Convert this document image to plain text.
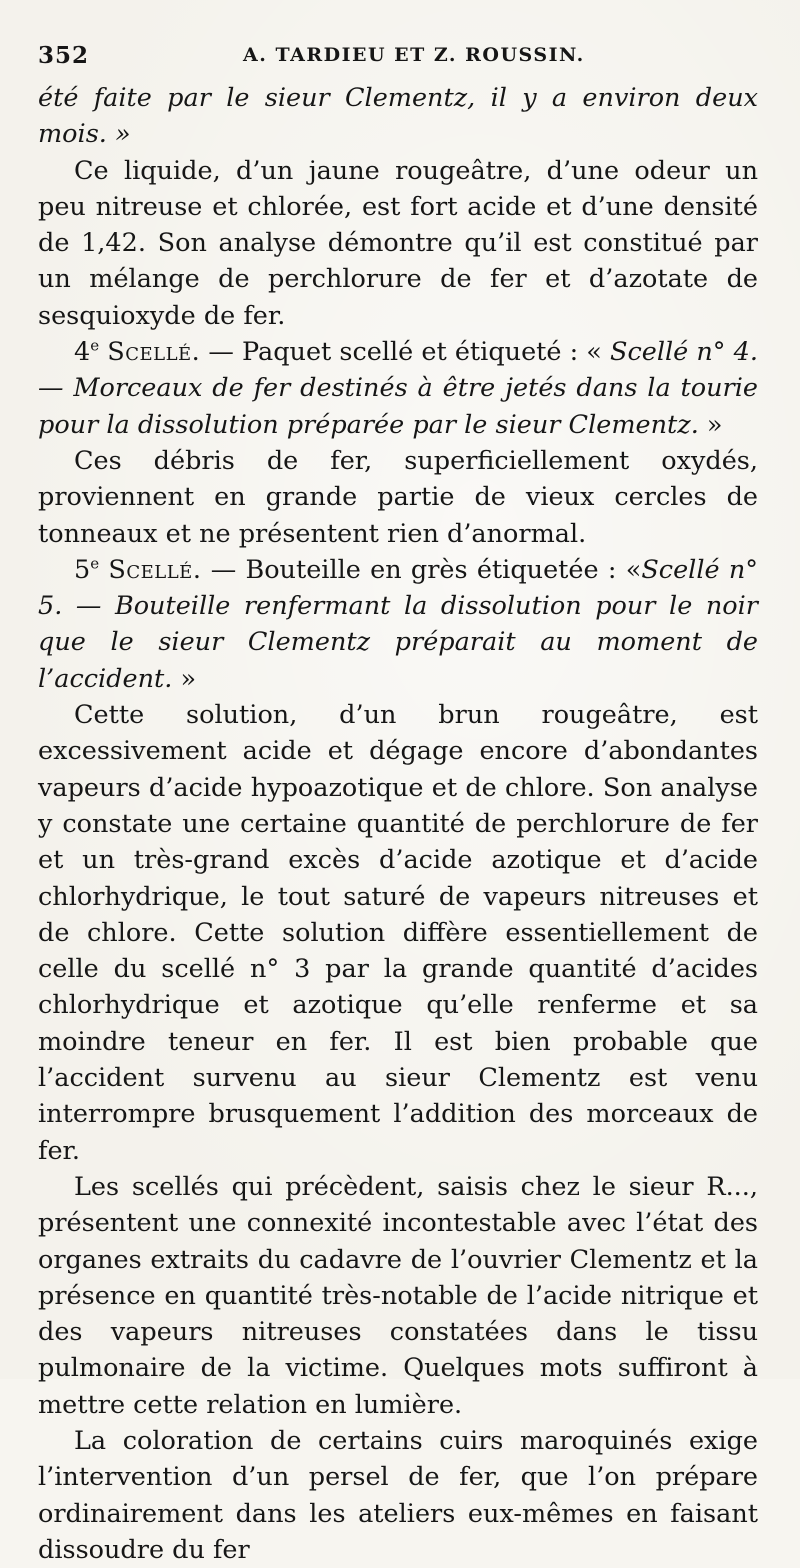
352	A. TARDIEU ET Z. ROUSSIN.

été faite par le sieur Clementz, il y a environ deux mois. »

Ce liquide, d’un jaune rougeâtre, d’une odeur un peu nitreuse et chlorée, est fort acide et d’une densité de 1,42. Son analyse démontre qu’il est constitué par un mélange de perchlorure de fer et d’azotate de sesquioxyde de fer.

4e Scellé. — Paquet scellé et étiqueté : « Scellé n° 4. — Morceaux de fer destinés à être jetés dans la tourie pour la dissolution préparée par le sieur Clementz. »

Ces débris de fer, superficiellement oxydés, proviennent en grande partie de vieux cercles de tonneaux et ne présentent rien d’anormal.

5e Scellé. — Bouteille en grès étiquetée : «Scellé n° 5. — Bouteille renfermant la dissolution pour le noir que le sieur Clementz préparait au moment de l’accident. »

Cette solution, d’un brun rougeâtre, est excessivement acide et dégage encore d’abondantes vapeurs d’acide hypoazotique et de chlore. Son analyse y constate une certaine quantité de perchlorure de fer et un très-grand excès d’acide azotique et d’acide chlorhydrique, le tout saturé de vapeurs nitreuses et de chlore. Cette solution diffère essentiellement de celle du scellé n° 3 par la grande quantité d’acides chlorhydrique et azotique qu’elle renferme et sa moindre teneur en fer. Il est bien probable que l’accident survenu au sieur Clementz est venu interrompre brusquement l’addition des morceaux de fer.

Les scellés qui précèdent, saisis chez le sieur R..., présentent une connexité incontestable avec l’état des organes extraits du cadavre de l’ouvrier Clementz et la présence en quantité très-notable de l’acide nitrique et des vapeurs nitreuses constatées dans le tissu pulmonaire de la victime. Quelques mots suffiront à mettre cette relation en lumière.

La coloration de certains cuirs maroquinés exige l’intervention d’un persel de fer, que l’on prépare ordinairement dans les ateliers eux-mêmes en faisant dissoudre du fer
